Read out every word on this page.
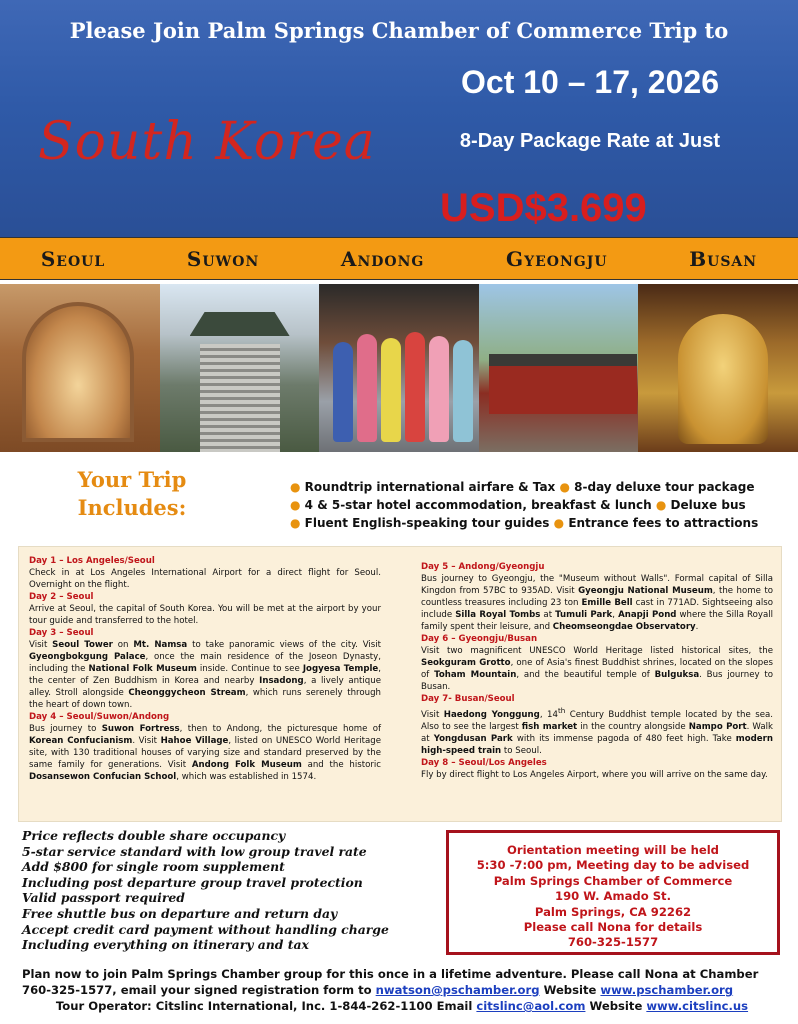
Please Join Palm Springs Chamber of Commerce Trip to
Oct 10 – 17, 2026
South Korea	8-Day Package Rate at Just
USD$3.699
Seoul	Suwon	Andong	Gyeongju	Busan
Your Trip
Includes:
● Roundtrip international airfare & Tax ● 8-day deluxe tour package
● 4 & 5-star hotel accommodation, breakfast & lunch ● Deluxe bus
● Fluent English-speaking tour guides ● Entrance fees to attractions
Day 1 – Los Angeles/Seoul
Check in at Los Angeles International Airport for a direct flight for Seoul. Overnight on the flight.
Day 2 – Seoul
Arrive at Seoul, the capital of South Korea. You will be met at the airport by your tour guide and transferred to the hotel.
Day 3 – Seoul
Visit Seoul Tower on Mt. Namsa to take panoramic views of the city. Visit Gyeongbokgung Palace, once the main residence of the Joseon Dynasty, including the National Folk Museum inside. Continue to see Jogyesa Temple, the center of Zen Buddhism in Korea and nearby Insadong, a lively antique alley. Stroll alongside Cheonggycheon Stream, which runs serenely through the heart of down town.
Day 4 – Seoul/Suwon/Andong
Bus journey to Suwon Fortress, then to Andong, the picturesque home of Korean Confucianism. Visit Hahoe Village, listed on UNESCO World Heritage site, with 130 traditional houses of varying size and standard preserved by the same family for generations. Visit Andong Folk Museum and the historic Dosansewon Confucian School, which was established in 1574.
Day 5 – Andong/Gyeongju
Bus journey to Gyeongju, the "Museum without Walls". Formal capital of Silla Kingdon from 57BC to 935AD. Visit Gyeongju National Museum, the home to countless treasures including 23 ton Emille Bell cast in 771AD. Sightseeing also include Silla Royal Tombs at Tumuli Park, Anapji Pond where the Silla Royall family spent their leisure, and Cheomseongdae Observatory.
Day 6 – Gyeongju/Busan
Visit two magnificent UNESCO World Heritage listed historical sites, the Seokguram Grotto, one of Asia's finest Buddhist shrines, located on the slopes of Toham Mountain, and the beautiful temple of Bulguksa. Bus journey to Busan.
Day 7- Busan/Seoul
Visit Haedong Yonggung, 14th Century Buddhist temple located by the sea. Also to see the largest fish market in the country alongside Nampo Port. Walk at Yongdusan Park with its immense pagoda of 480 feet high. Take modern high-speed train to Seoul.
Day 8 – Seoul/Los Angeles
Fly by direct flight to Los Angeles Airport, where you will arrive on the same day.
Price reflects double share occupancy
5-star service standard with low group travel rate
Add $800 for single room supplement
Including post departure group travel protection
Valid passport required
Free shuttle bus on departure and return day
Accept credit card payment without handling charge
Including everything on itinerary and tax
Orientation meeting will be held
5:30 -7:00 pm, Meeting day to be advised
Palm Springs Chamber of Commerce
190 W. Amado St.
Palm Springs, CA 92262
Please call Nona for details
760-325-1577
Plan now to join Palm Springs Chamber group for this once in a lifetime adventure. Please call Nona at Chamber
760-325-1577, email your signed registration form to nwatson@pschamber.org Website www.pschamber.org
Tour Operator: Citslinc International, Inc. 1-844-262-1100 Email citslinc@aol.com Website www.citslinc.us
